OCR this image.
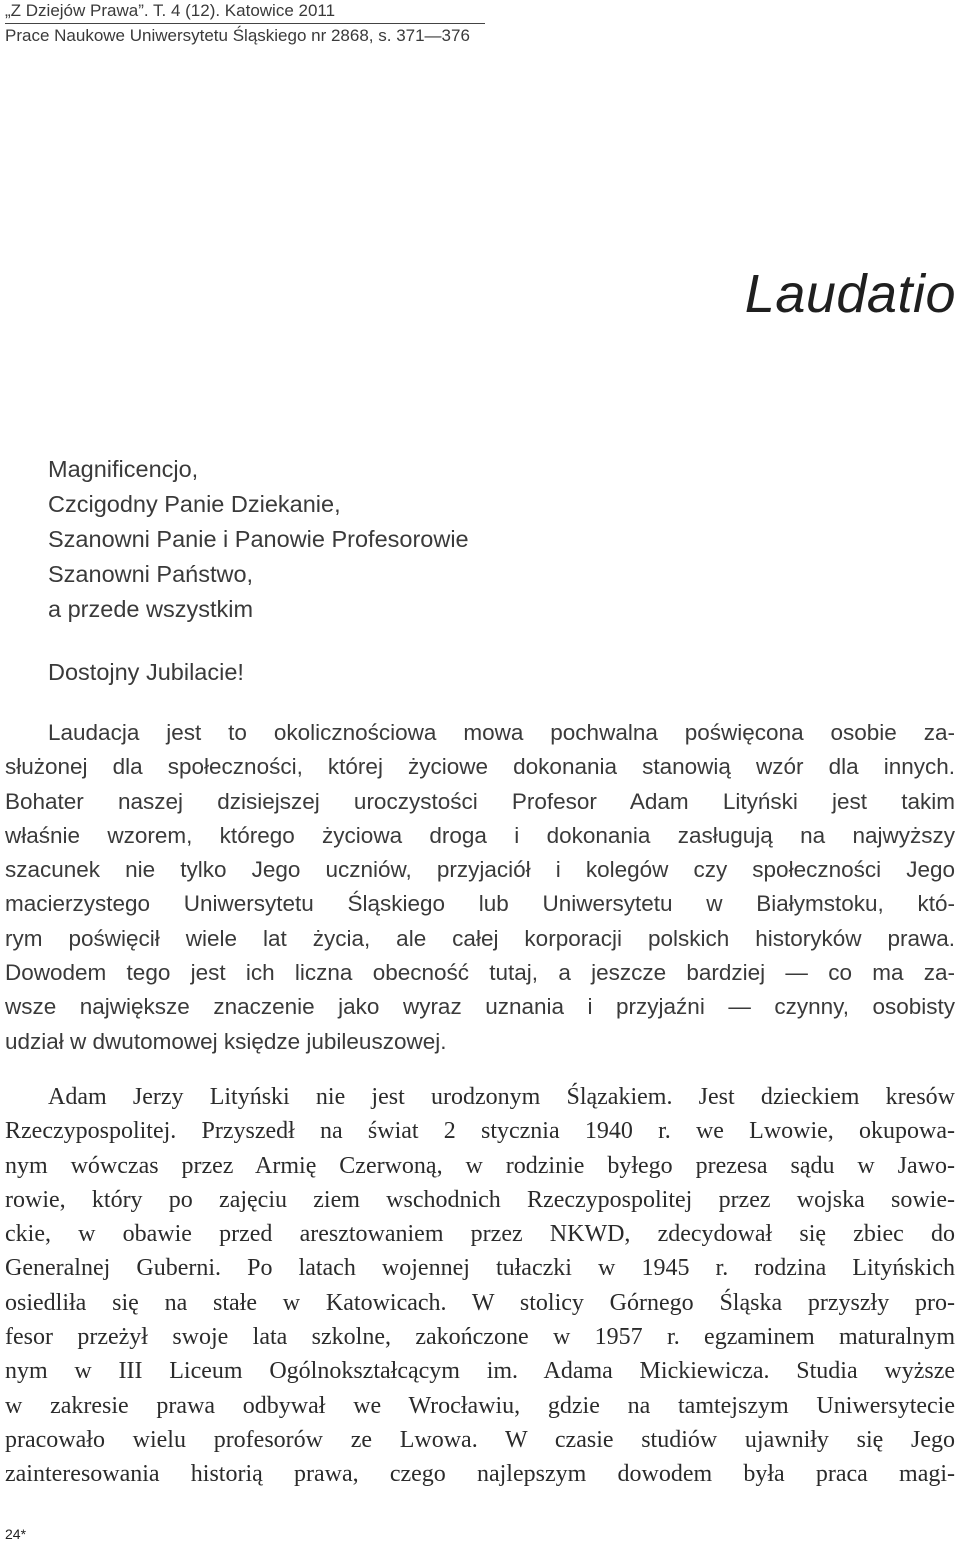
„Z Dziejów Prawa”. T. 4 (12). Katowice 2011
Prace Naukowe Uniwersytetu Śląskiego nr 2868, s. 371—376
Laudatio
Magnificencjo,
Czcigodny Panie Dziekanie,
Szanowni Panie i Panowie Profesorowie
Szanowni Państwo,
a przede wszystkim
Dostojny Jubilacie!
Laudacja jest to okolicznościowa mowa pochwalna poświęcona osobie za-
służonej dla społeczności, której życiowe dokonania stanowią wzór dla innych.
Bohater naszej dzisiejszej uroczystości Profesor Adam Lityński jest takim
właśnie wzorem, którego życiowa droga i dokonania zasługują na najwyższy
szacunek nie tylko Jego uczniów, przyjaciół i kolegów czy społeczności Jego
macierzystego Uniwersytetu Śląskiego lub Uniwersytetu w Białymstoku, któ-
rym poświęcił wiele lat życia, ale całej korporacji polskich historyków prawa.
Dowodem tego jest ich liczna obecność tutaj, a jeszcze bardziej — co ma za-
wsze największe znaczenie jako wyraz uznania i przyjaźni — czynny, osobisty
udział w dwutomowej księdze jubileuszowej.
Adam Jerzy Lityński nie jest urodzonym Ślązakiem. Jest dzieckiem kresów
Rzeczypospolitej. Przyszedł na świat 2 stycznia 1940 r. we Lwowie, okupowa-
nym wówczas przez Armię Czerwoną, w rodzinie byłego prezesa sądu w Jawo-
rowie, który po zajęciu ziem wschodnich Rzeczypospolitej przez wojska sowie-
ckie, w obawie przed aresztowaniem przez NKWD, zdecydował się zbiec do
Generalnej Guberni. Po latach wojennej tułaczki w 1945 r. rodzina Lityńskich
osiedliła się na stałe w Katowicach. W stolicy Górnego Śląska przyszły pro-
fesor przeżył swoje lata szkolne, zakończone w 1957 r. egzaminem maturalnym
nym w III Liceum Ogólnokształcącym im. Adama Mickiewicza. Studia wyższe
w zakresie prawa odbywał we Wrocławiu, gdzie na tamtejszym Uniwersytecie
pracowało wielu profesorów ze Lwowa. W czasie studiów ujawniły się Jego
zainteresowania historią prawa, czego najlepszym dowodem była praca magi-
24*
